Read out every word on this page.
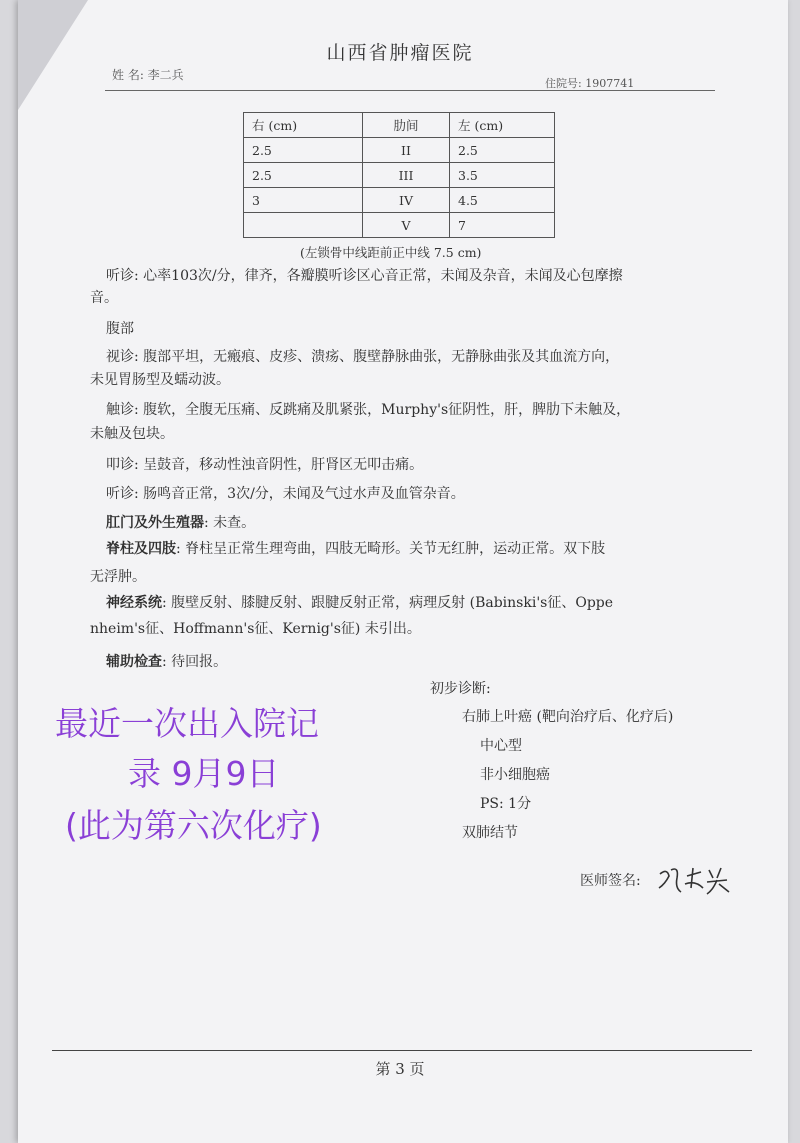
山西省肿瘤医院
姓 名: 李二兵
住院号: 1907741
右 (cm)	肋间	左 (cm)
2.5	II	2.5
2.5	III	3.5
3	IV	4.5
	V	7
(左锁骨中线距前正中线 7.5 cm)
听诊: 心率103次/分，律齐，各瓣膜听诊区心音正常，未闻及杂音，未闻及心包摩擦
音。
腹部
视诊: 腹部平坦，无瘢痕、皮疹、溃疡、腹壁静脉曲张，无静脉曲张及其血流方向，
未见胃肠型及蠕动波。
触诊: 腹软，全腹无压痛、反跳痛及肌紧张，Murphy's征阴性，肝，脾肋下未触及，
未触及包块。
叩诊: 呈鼓音，移动性浊音阴性，肝肾区无叩击痛。
听诊: 肠鸣音正常，3次/分，未闻及气过水声及血管杂音。
肛门及外生殖器: 未查。
脊柱及四肢: 脊柱呈正常生理弯曲，四肢无畸形。关节无红肿，运动正常。双下肢
无浮肿。
神经系统: 腹壁反射、膝腱反射、跟腱反射正常，病理反射 (Babinski's征、Oppe
nheim's征、Hoffmann's征、Kernig's征) 未引出。
辅助检查: 待回报。
初步诊断:
右肺上叶癌 (靶向治疗后、化疗后)
中心型
非小细胞癌
PS: 1分
双肺结节
最近一次出入院记
录 9月9日
(此为第六次化疗)
医师签名:
第 3 页
